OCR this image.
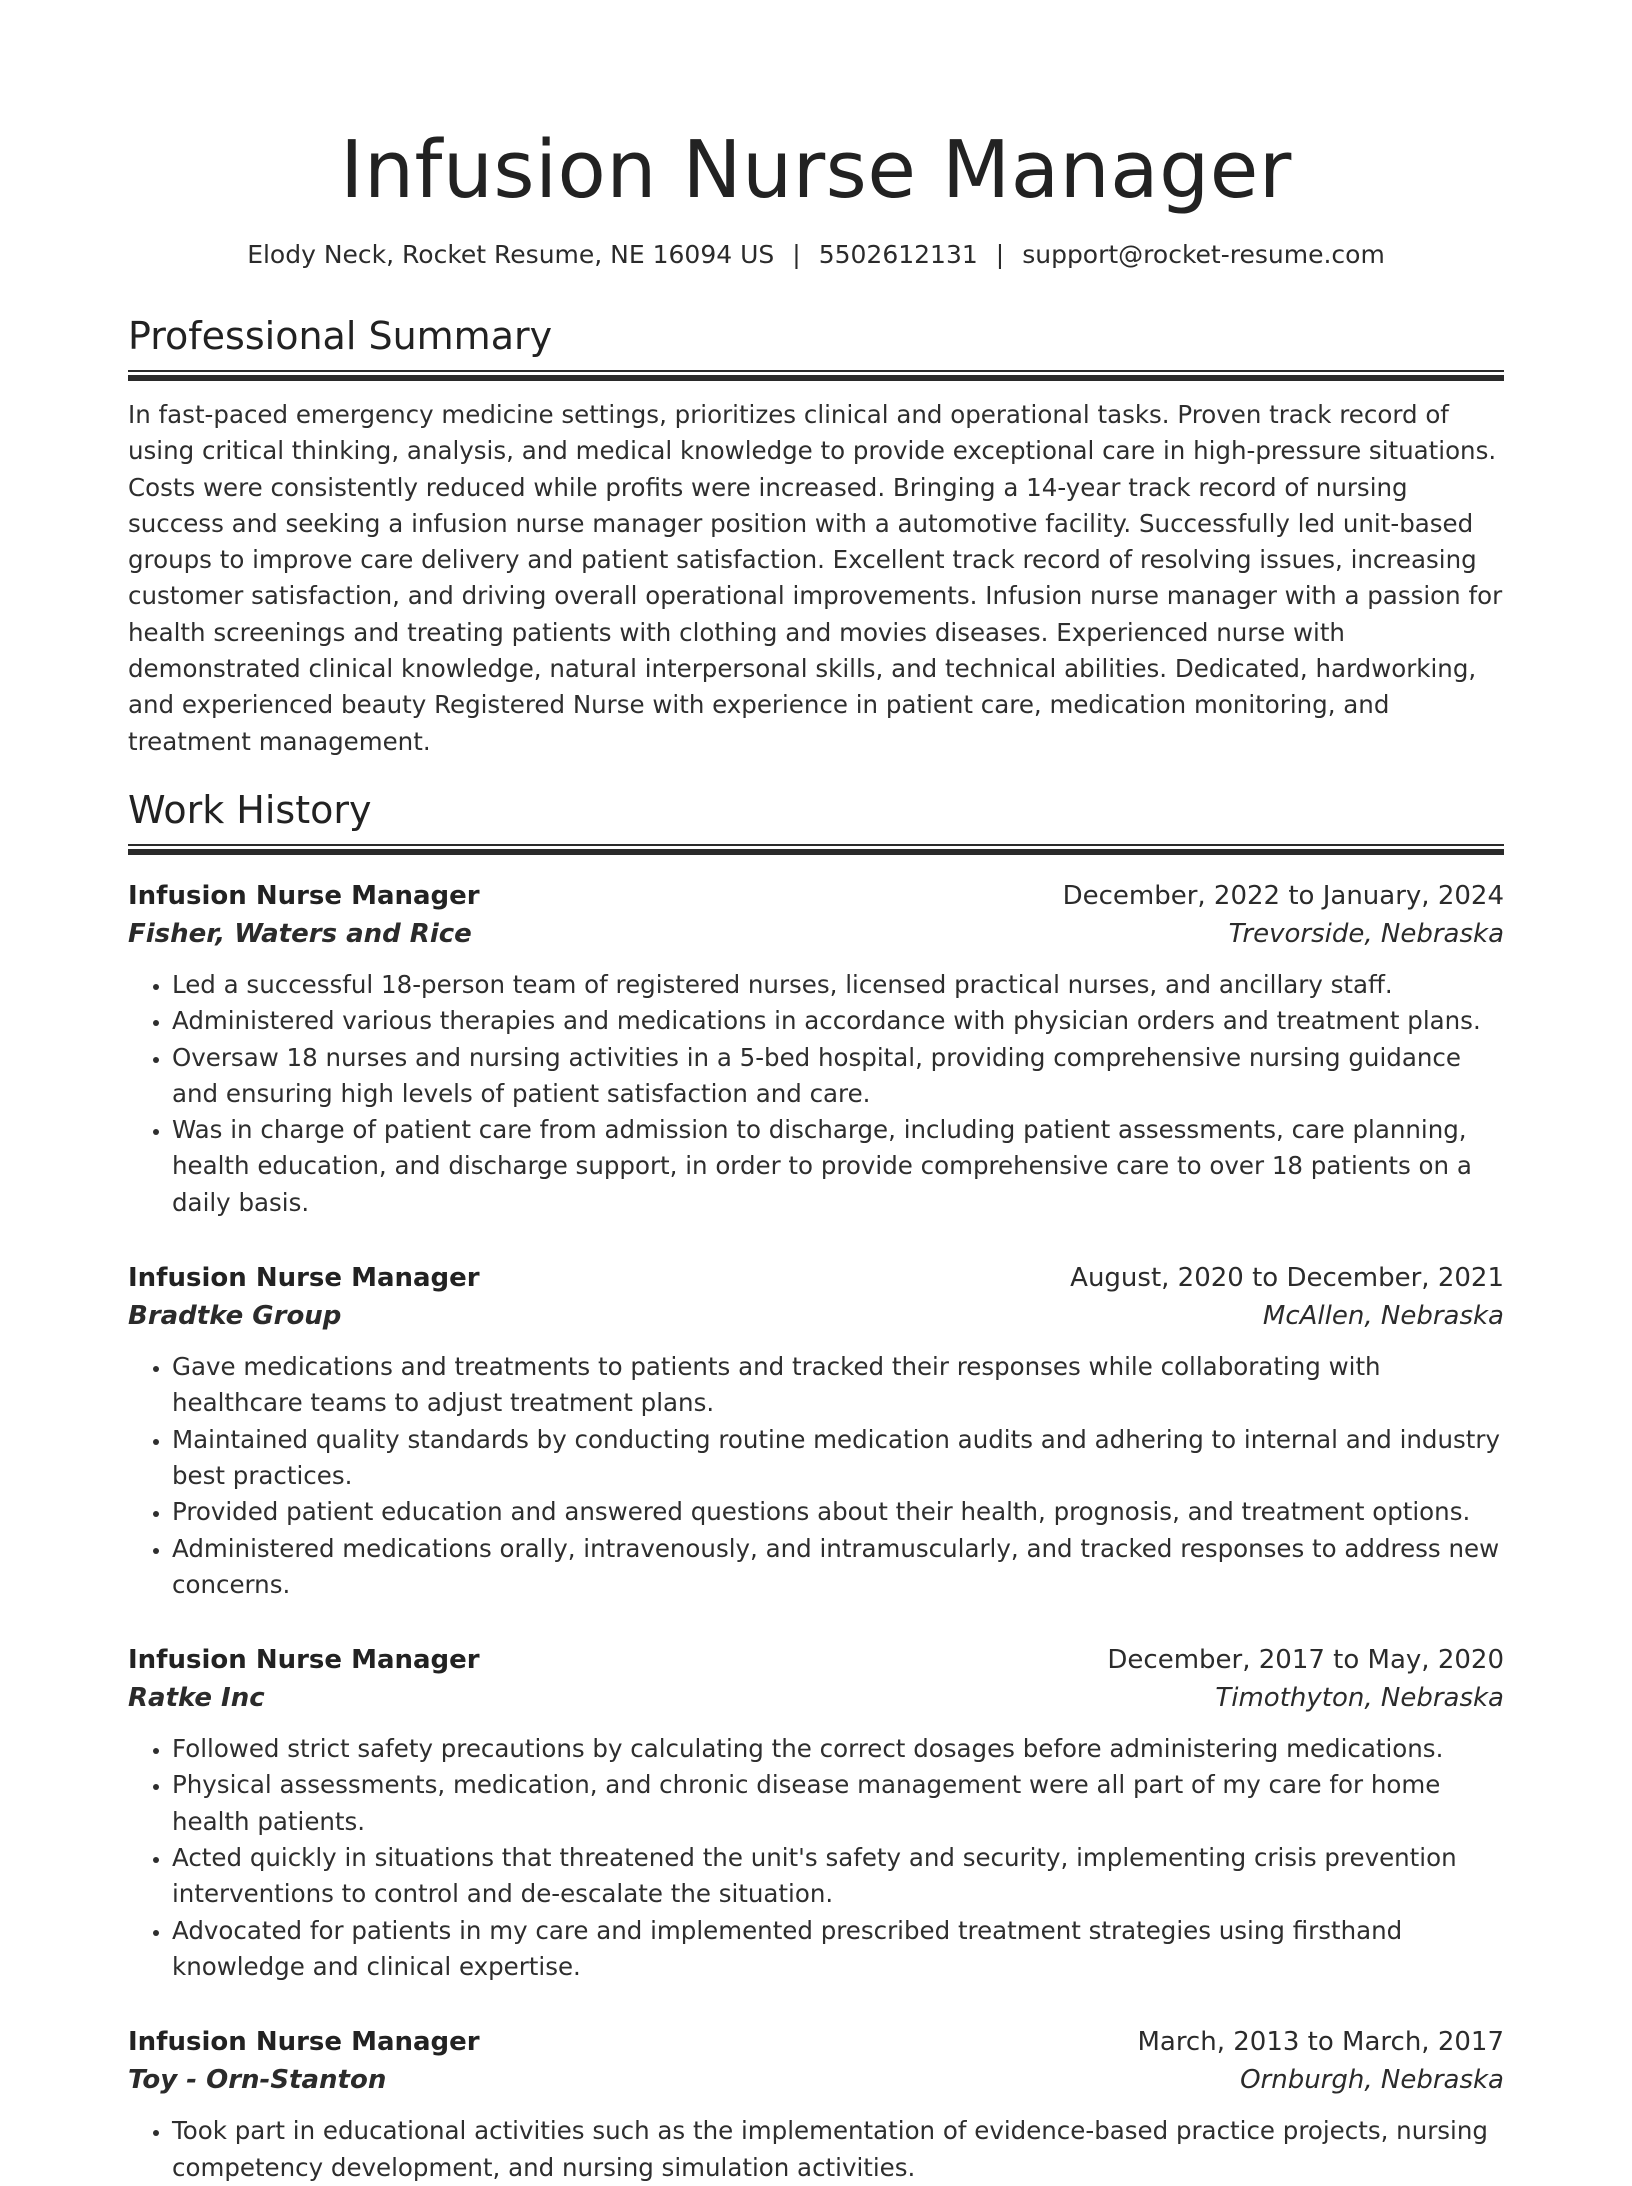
Infusion Nurse Manager
Elody Neck, Rocket Resume, NE 16094 US | 5502612131 | support@rocket-resume.com
Professional Summary

In fast-paced emergency medicine settings, prioritizes clinical and operational tasks. Proven track record of using critical thinking, analysis, and medical knowledge to provide exceptional care in high-pressure situations. Costs were consistently reduced while profits were increased. Bringing a 14-year track record of nursing success and seeking a infusion nurse manager position with a automotive facility. Successfully led unit-based groups to improve care delivery and patient satisfaction. Excellent track record of resolving issues, increasing customer satisfaction, and driving overall operational improvements. Infusion nurse manager with a passion for health screenings and treating patients with clothing and movies diseases. Experienced nurse with demonstrated clinical knowledge, natural interpersonal skills, and technical abilities. Dedicated, hardworking, and experienced beauty Registered Nurse with experience in patient care, medication monitoring, and treatment management.

Work History
Infusion Nurse Manager	December, 2022 to January, 2024
Fisher, Waters and Rice	Trevorside, Nebraska
• Led a successful 18-person team of registered nurses, licensed practical nurses, and ancillary staff.
• Administered various therapies and medications in accordance with physician orders and treatment plans.
• Oversaw 18 nurses and nursing activities in a 5-bed hospital, providing comprehensive nursing guidance and ensuring high levels of patient satisfaction and care.
• Was in charge of patient care from admission to discharge, including patient assessments, care planning, health education, and discharge support, in order to provide comprehensive care to over 18 patients on a daily basis.
Infusion Nurse Manager	August, 2020 to December, 2021
Bradtke Group	McAllen, Nebraska
• Gave medications and treatments to patients and tracked their responses while collaborating with healthcare teams to adjust treatment plans.
• Maintained quality standards by conducting routine medication audits and adhering to internal and industry best practices.
• Provided patient education and answered questions about their health, prognosis, and treatment options.
• Administered medications orally, intravenously, and intramuscularly, and tracked responses to address new concerns.
Infusion Nurse Manager	December, 2017 to May, 2020
Ratke Inc	Timothyton, Nebraska
• Followed strict safety precautions by calculating the correct dosages before administering medications.
• Physical assessments, medication, and chronic disease management were all part of my care for home health patients.
• Acted quickly in situations that threatened the unit's safety and security, implementing crisis prevention interventions to control and de-escalate the situation.
• Advocated for patients in my care and implemented prescribed treatment strategies using firsthand knowledge and clinical expertise.
Infusion Nurse Manager	March, 2013 to March, 2017
Toy - Orn-Stanton	Ornburgh, Nebraska
• Took part in educational activities such as the implementation of evidence-based practice projects, nursing competency development, and nursing simulation activities.
